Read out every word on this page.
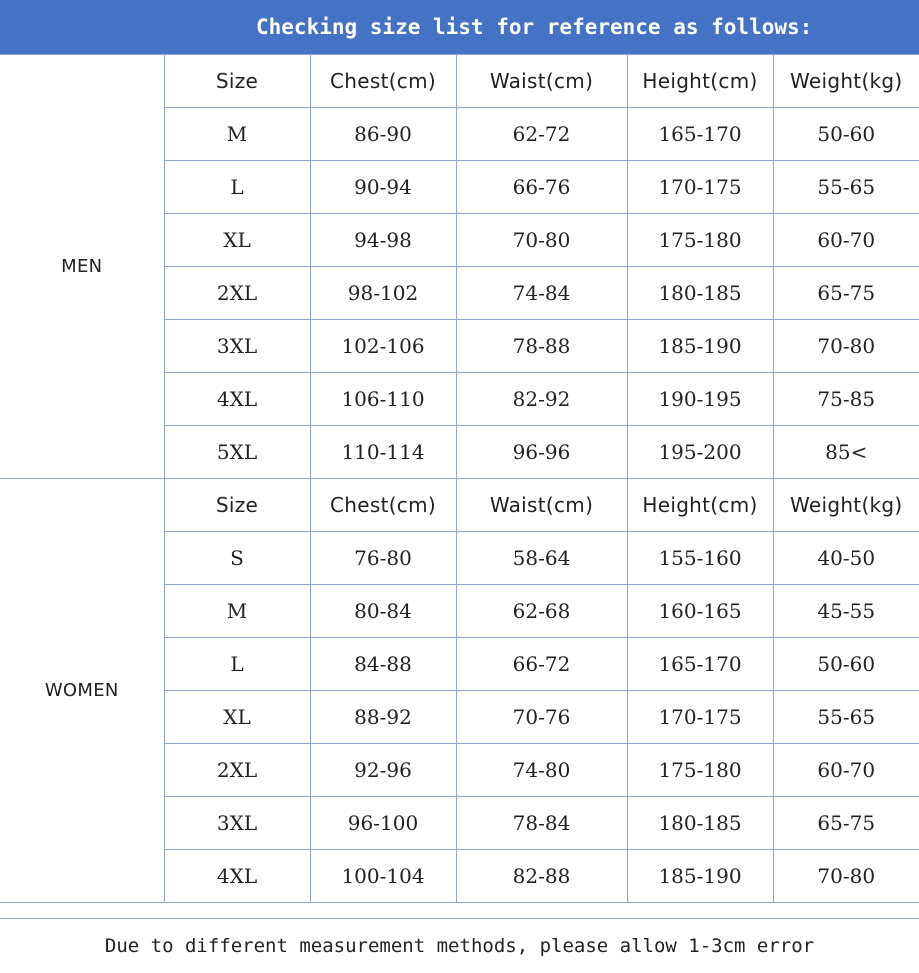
Checking size list for reference as follows:
MEN	Size	Chest(cm)	Waist(cm)	Height(cm)	Weight(kg)
	M	86-90	62-72	165-170	50-60
	L	90-94	66-76	170-175	55-65
	XL	94-98	70-80	175-180	60-70
	2XL	98-102	74-84	180-185	65-75
	3XL	102-106	78-88	185-190	70-80
	4XL	106-110	82-92	190-195	75-85
	5XL	110-114	96-96	195-200	85<
WOMEN	Size	Chest(cm)	Waist(cm)	Height(cm)	Weight(kg)
	S	76-80	58-64	155-160	40-50
	M	80-84	62-68	160-165	45-55
	L	84-88	66-72	165-170	50-60
	XL	88-92	70-76	170-175	55-65
	2XL	92-96	74-80	175-180	60-70
	3XL	96-100	78-84	180-185	65-75
	4XL	100-104	82-88	185-190	70-80
Due to different measurement methods, please allow 1-3cm error
